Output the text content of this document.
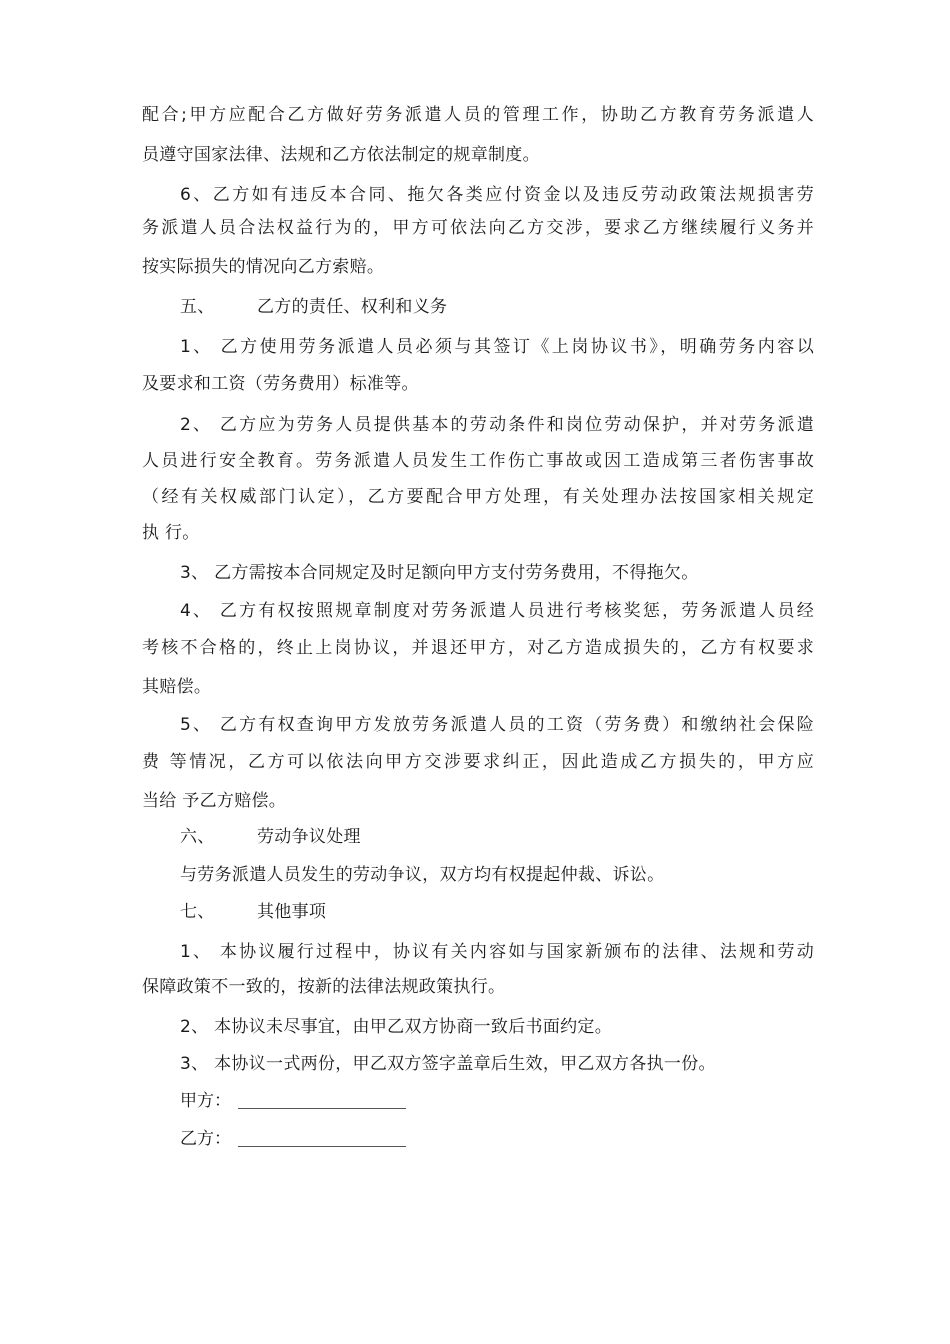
配合;甲方应配合乙方做好劳务派遣人员的管理工作，协助乙方教育劳务派遣人
员遵守国家法律、法规和乙方依法制定的规章制度。
6、乙方如有违反本合同、拖欠各类应付资金以及违反劳动政策法规损害劳
务派遣人员合法权益行为的，甲方可依法向乙方交涉，要求乙方继续履行义务并
按实际损失的情况向乙方索赔。
五、 乙方的责任、权利和义务
1、 乙方使用劳务派遣人员必须与其签订《上岗协议书》，明确劳务内容以
及要求和工资（劳务费用）标准等。
2、 乙方应为劳务人员提供基本的劳动条件和岗位劳动保护，并对劳务派遣
人员进行安全教育。劳务派遣人员发生工作伤亡事故或因工造成第三者伤害事故
（经有关权威部门认定），乙方要配合甲方处理，有关处理办法按国家相关规定
执 行。
3、 乙方需按本合同规定及时足额向甲方支付劳务费用，不得拖欠。
4、 乙方有权按照规章制度对劳务派遣人员进行考核奖惩，劳务派遣人员经
考核不合格的，终止上岗协议，并退还甲方，对乙方造成损失的，乙方有权要求
其赔偿。
5、 乙方有权查询甲方发放劳务派遣人员的工资（劳务费）和缴纳社会保险
费 等情况，乙方可以依法向甲方交涉要求纠正，因此造成乙方损失的，甲方应
当给 予乙方赔偿。
六、 劳动争议处理
与劳务派遣人员发生的劳动争议，双方均有权提起仲裁、诉讼。
七、 其他事项
1、 本协议履行过程中，协议有关内容如与国家新颁布的法律、法规和劳动
保障政策不一致的，按新的法律法规政策执行。
2、 本协议未尽事宜，由甲乙双方协商一致后书面约定。
3、 本协议一式两份，甲乙双方签字盖章后生效，甲乙双方各执一份。
甲方：
乙方：
